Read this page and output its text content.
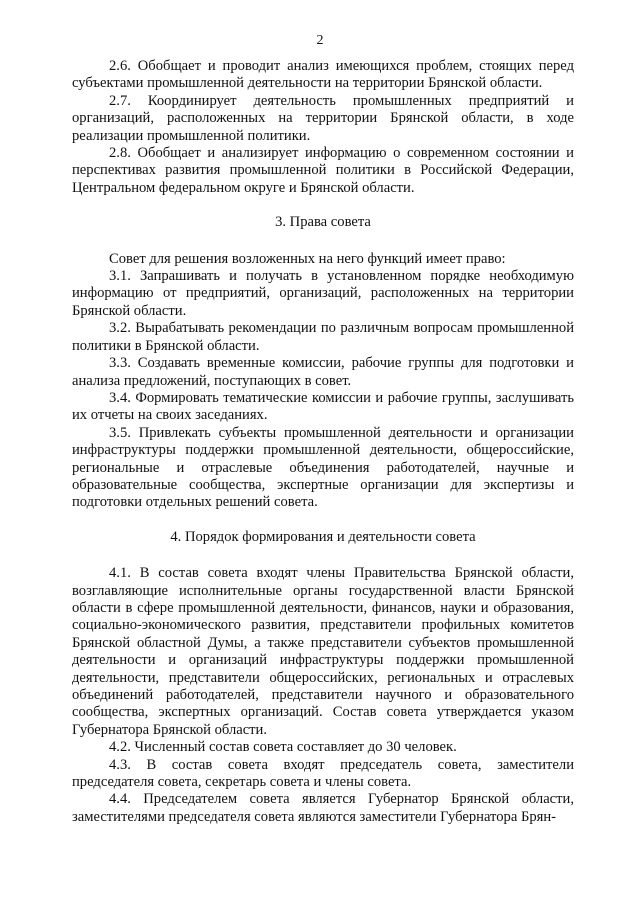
2

2.6. Обобщает и проводит анализ имеющихся проблем, стоящих перед субъектами промышленной деятельности на территории Брянской области.

2.7. Координирует деятельность промышленных предприятий и организаций, расположенных на территории Брянской области, в ходе реализации промышленной политики.

2.8. Обобщает и анализирует информацию о современном состоянии и перспективах развития промышленной политики в Российской Федерации, Центральном федеральном округе и Брянской области.

3. Права совета

Совет для решения возложенных на него функций имеет право:

3.1. Запрашивать и получать в установленном порядке необходимую информацию от предприятий, организаций, расположенных на территории Брянской области.

3.2. Вырабатывать рекомендации по различным вопросам промышленной политики в Брянской области.

3.3. Создавать временные комиссии, рабочие группы для подготовки и анализа предложений, поступающих в совет.

3.4. Формировать тематические комиссии и рабочие группы, заслушивать их отчеты на своих заседаниях.

3.5. Привлекать субъекты промышленной деятельности и организации инфраструктуры поддержки промышленной деятельности, общероссийские, региональные и отраслевые объединения работодателей, научные и образовательные сообщества, экспертные организации для экспертизы и подготовки отдельных решений совета.

4. Порядок формирования и деятельности совета

4.1. В состав совета входят члены Правительства Брянской области, возглавляющие исполнительные органы государственной власти Брянской области в сфере промышленной деятельности, финансов, науки и образования, социально-экономического развития, представители профильных комитетов Брянской областной Думы, а также представители субъектов промышленной деятельности и организаций инфраструктуры поддержки промышленной деятельности, представители общероссийских, региональных и отраслевых объединений работодателей, представители научного и образовательного сообщества, экспертных организаций. Состав совета утверждается указом Губернатора Брянской области.

4.2. Численный состав совета составляет до 30 человек.

4.3. В состав совета входят председатель совета, заместители председателя совета, секретарь совета и члены совета.

4.4. Председателем совета является Губернатор Брянской области, заместителями председателя совета являются заместители Губернатора Брян-
